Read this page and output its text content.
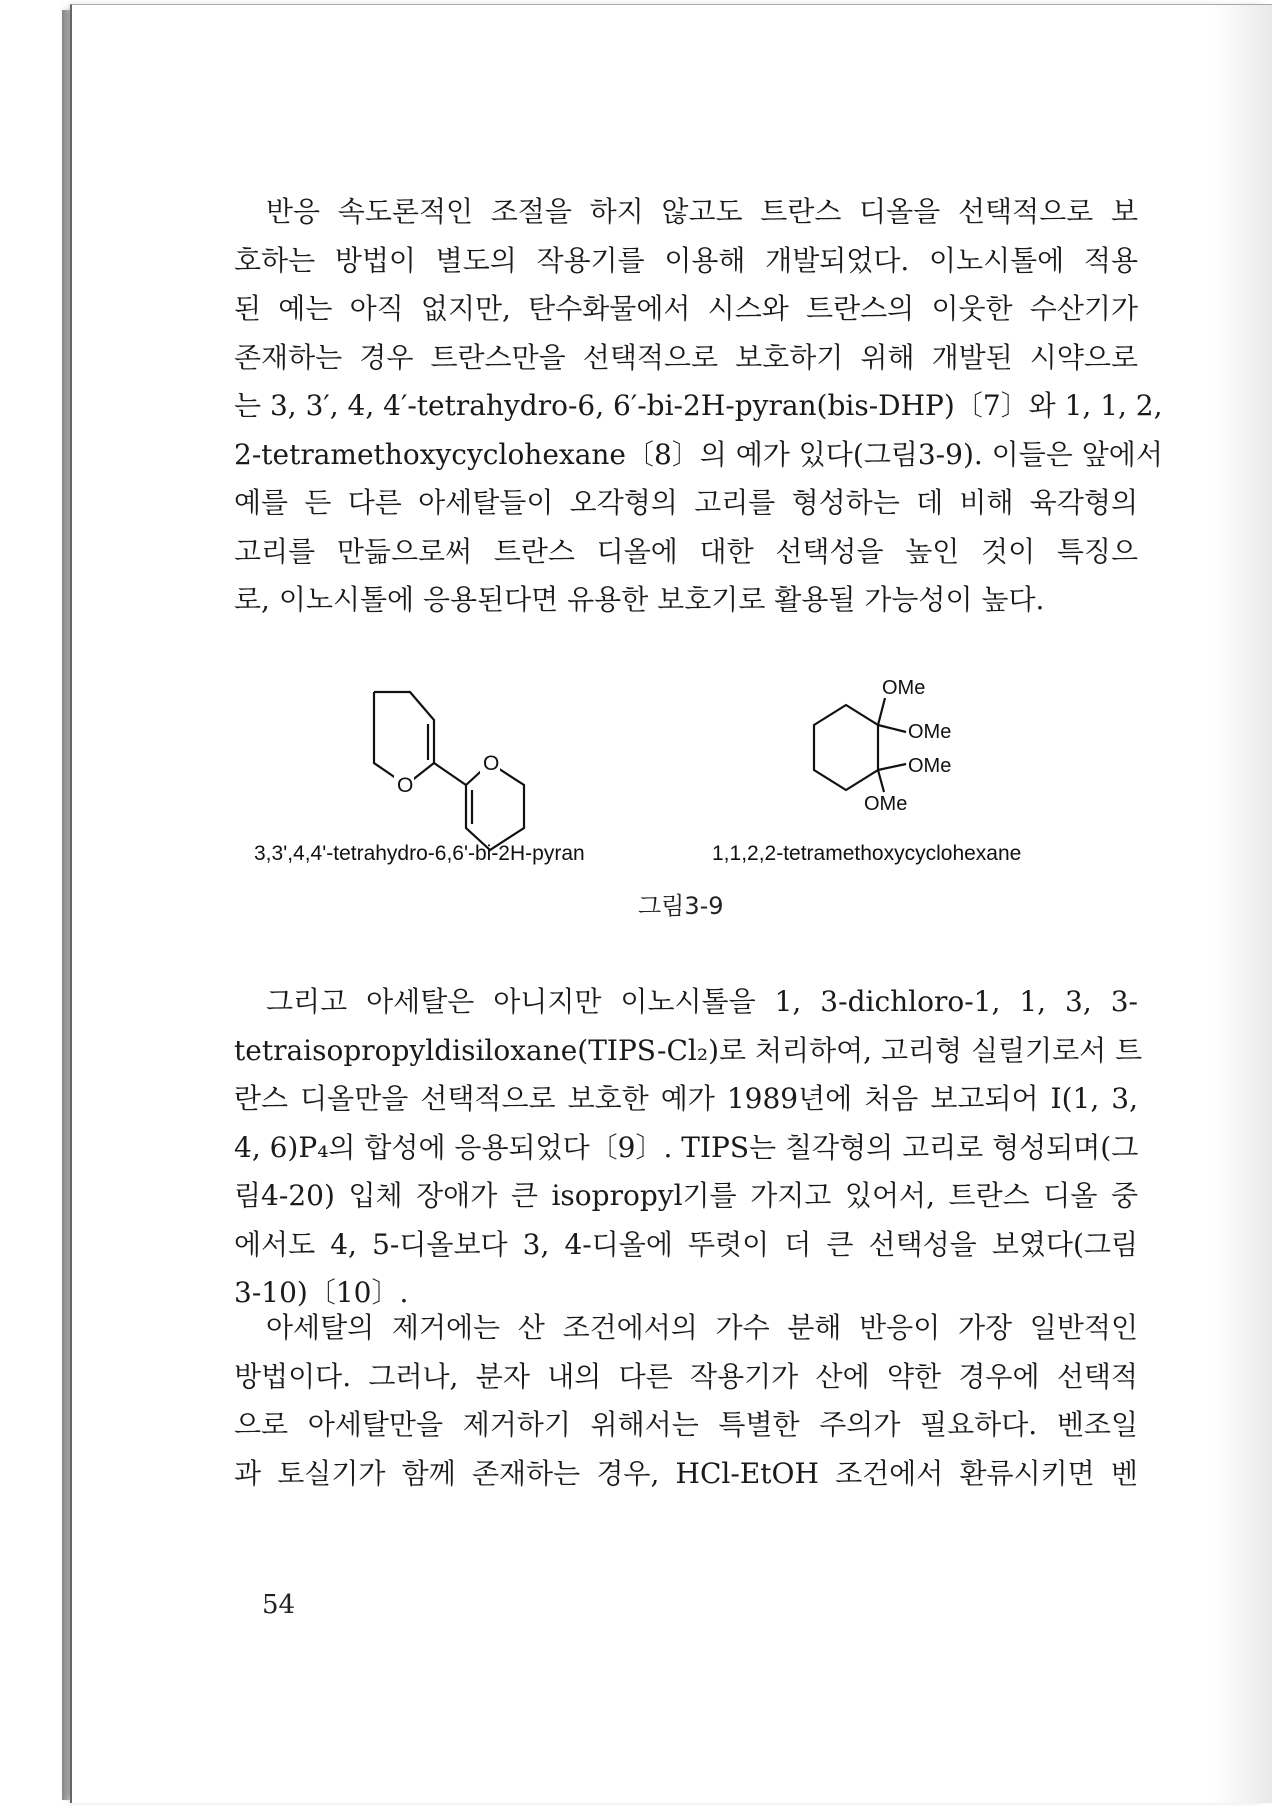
반응 속도론적인 조절을 하지 않고도 트란스 디올을 선택적으로 보
호하는 방법이 별도의 작용기를 이용해 개발되었다. 이노시톨에 적용
된 예는 아직 없지만, 탄수화물에서 시스와 트란스의 이웃한 수산기가
존재하는 경우 트란스만을 선택적으로 보호하기 위해 개발된 시약으로
는 3, 3′, 4, 4′-tetrahydro-6, 6′-bi-2H-pyran(bis-DHP)〔7〕와 1, 1, 2,
2-tetramethoxycyclohexane〔8〕의 예가 있다(그림3-9). 이들은 앞에서
예를 든 다른 아세탈들이 오각형의 고리를 형성하는 데 비해 육각형의
고리를 만듦으로써 트란스 디올에 대한 선택성을 높인 것이 특징으
로, 이노시톨에 응용된다면 유용한 보호기로 활용될 가능성이 높다.
O
O
OMe
OMe
OMe
OMe
3,3',4,4'-tetrahydro-6,6'-bi-2H-pyran	1,1,2,2-tetramethoxycyclohexane
그림3-9
그리고 아세탈은 아니지만 이노시톨을 1, 3-dichloro-1, 1, 3, 3-
tetraisopropyldisiloxane(TIPS-Cl₂)로 처리하여, 고리형 실릴기로서 트
란스 디올만을 선택적으로 보호한 예가 1989년에 처음 보고되어 I(1, 3,
4, 6)P₄의 합성에 응용되었다〔9〕. TIPS는 칠각형의 고리로 형성되며(그
림4-20) 입체 장애가 큰 isopropyl기를 가지고 있어서, 트란스 디올 중
에서도 4, 5-디올보다 3, 4-디올에 뚜렷이 더 큰 선택성을 보였다(그림
3-10)〔10〕.
아세탈의 제거에는 산 조건에서의 가수 분해 반응이 가장 일반적인
방법이다. 그러나, 분자 내의 다른 작용기가 산에 약한 경우에 선택적
으로 아세탈만을 제거하기 위해서는 특별한 주의가 필요하다. 벤조일
과 토실기가 함께 존재하는 경우, HCl-EtOH 조건에서 환류시키면 벤
54
